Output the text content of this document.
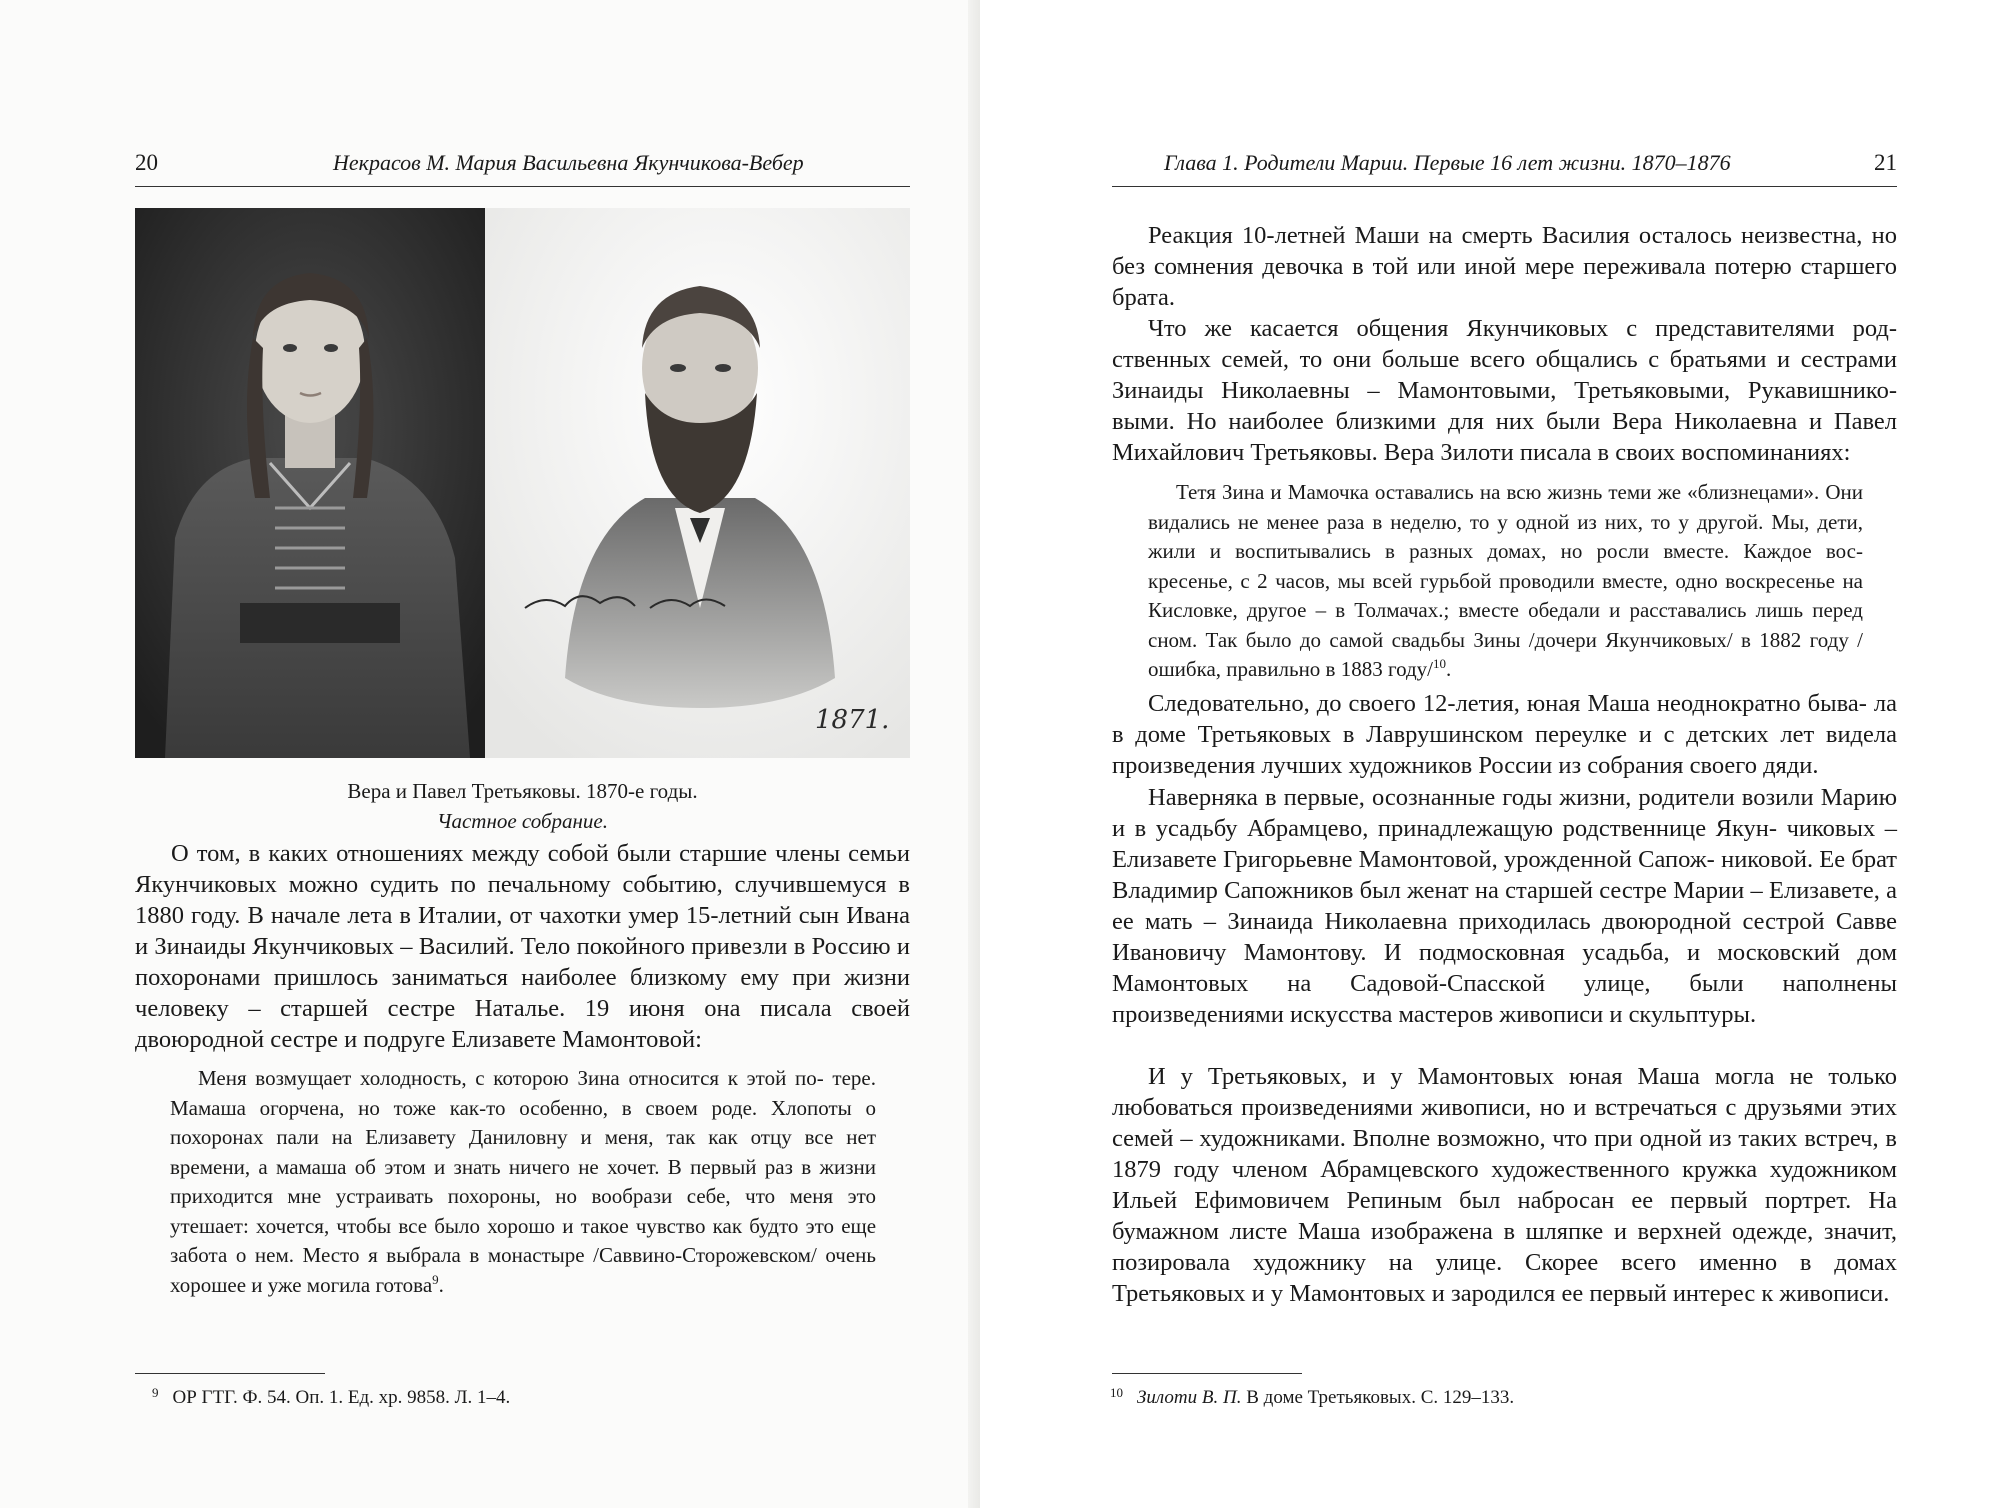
20	Некрасов М. Мария Васильевна Якунчикова-Вебер
1871.
Вера и Павел Третьяковы. 1870-е годы.
Частное собрание.

О том, в каких отношениях между собой были старшие члены семьи Якунчиковых можно судить по печальному событию, случившемуся в 1880 году. В начале лета в Италии, от чахотки умер 15-летний сын Ивана и Зинаиды Якунчиковых – Василий. Тело покойного привезли в Россию и похоронами пришлось заниматься наиболее близкому ему при жизни человеку – старшей сестре Наталье. 19 июня она писала своей двоюродной сестре и подруге Елизавете Мамонтовой:

Меня возмущает холодность, с которою Зина относится к этой по- тере. Мамаша огорчена, но тоже как-то особенно, в своем роде. Хлопоты о похоронах пали на Елизавету Даниловну и меня, так как отцу все нет времени, а мамаша об этом и знать ничего не хочет. В первый раз в жизни приходится мне устраивать похороны, но вообрази себе, что меня это утешает: хочется, чтобы все было хорошо и такое чувство как будто это еще забота о нем. Место я выбрала в монастыре /Саввино-Сторожевском/ очень хорошее и уже могила готова$^9$.

$^9$ ОР ГТГ. Ф. 54. Оп. 1. Ед. хр. 9858. Л. 1–4.
Глава 1. Родители Марии. Первые 16 лет жизни. 1870–1876	21

Реакция 10-летней Маши на смерть Василия осталось неизвестна, но без сомнения девочка в той или иной мере переживала потерю старшего брата.

Что же касается общения Якунчиковых с представителями род- ственных семей, то они больше всего общались с братьями и сестрами Зинаиды Николаевны – Мамонтовыми, Третьяковыми, Рукавишнико- выми. Но наиболее близкими для них были Вера Николаевна и Павел Михайлович Третьяковы. Вера Зилоти писала в своих воспоминаниях:

Тетя Зина и Мамочка оставались на всю жизнь теми же «близнецами». Они видались не менее раза в неделю, то у одной из них, то у другой. Мы, дети, жили и воспитывались в разных домах, но росли вместе. Каждое вос- кресенье, с 2 часов, мы всей гурьбой проводили вместе, одно воскресенье на Кисловке, другое – в Толмачах.; вместе обедали и расставались лишь перед сном. Так было до самой свадьбы Зины /дочери Якунчиковых/ в 1882 году /ошибка, правильно в 1883 году/$^{10}$.

Следовательно, до своего 12-летия, юная Маша неоднократно быва- ла в доме Третьяковых в Лаврушинском переулке и с детских лет видела произведения лучших художников России из собрания своего дяди.

Наверняка в первые, осознанные годы жизни, родители возили Марию и в усадьбу Абрамцево, принадлежащую родственнице Якун- чиковых – Елизавете Григорьевне Мамонтовой, урожденной Сапож- никовой. Ее брат Владимир Сапожников был женат на старшей сестре Марии – Елизавете, а ее мать – Зинаида Николаевна приходилась двоюродной сестрой Савве Ивановичу Мамонтову. И подмосковная усадьба, и московский дом Мамонтовых на Садовой-Спасской улице, были наполнены произведениями искусства мастеров живописи и скульптуры.

И у Третьяковых, и у Мамонтовых юная Маша могла не только любоваться произведениями живописи, но и встречаться с друзьями этих семей – художниками. Вполне возможно, что при одной из таких встреч, в 1879 году членом Абрамцевского художественного кружка художником Ильей Ефимовичем Репиным был набросан ее первый портрет. На бумажном листе Маша изображена в шляпке и верхней одежде, значит, позировала художнику на улице. Скорее всего именно в домах Третьяковых и у Мамонтовых и зародился ее первый интерес к живописи.

$^{10}$ Зилоти В. П. В доме Третьяковых. С. 129–133.
